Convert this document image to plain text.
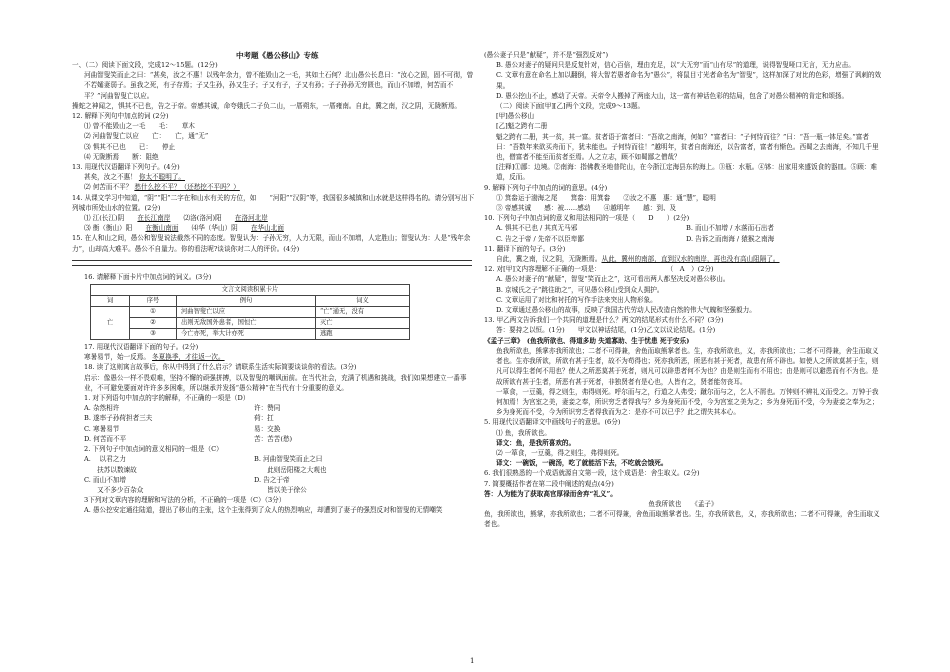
中考题《愚公移山》专练

一、（二）阅读下面文段，完成12～15题。(12分)

河曲智叟笑而止之曰：“甚矣，汝之不惠！以残年余力，曾不能毁山之一毛，其如土石何？北山愚公长息曰：“汝心之固，固不可彻，曾不若孀妻弱子。虽我之死，有子存焉；子又生孙，孙又生子；子又有子，子又有孙；子子孙孙无穷匮也，而山不加增，何苦而不平？”河曲智叟亡以应。

操蛇之神闻之，惧其不已也，告之于帝。帝感其诚，命夸娥氏二子负二山，一厝朔东，一厝雍南。自此，冀之南，汉之阴，无陇断焉。

12. 解释下列句中加点的词 (2分)

⑴ 曾不能毁山之一毛　　毛：　　草木

⑵ 河曲智叟亡以应　　亡：　　亡，通“无”

⑶ 惧其不已也　　已：　　停止

⑷ 无陇断焉　　断：阻绝

13. 用现代汉语翻译下列句子。(4分)

甚矣，汝之不惠！ 你太不聪明了。

⑵ 何苦而不平？ 愁什么挖不平？（还愁挖不平吗？）

14. 从课文学习中知道，“阴”“阳”二字在和山水有关的方位，如　　“河阳”“汉阴”等，我国很多城镇和山水就是这样得名的。请分别写出下列城市所处山水的位置。(2分)

⑴ 江(长江)阴　　在长江南岸　　⑵洛(洛河)阳　　在洛河北岸

⑶ 衡（衡山）阳　　在衡山南面　　⑷华（华山）阴　　在华山北面

15. 在人和山之间，愚公和智叟说法截然不同的态度。智叟认为：子孙无穷，人力无限，而山不加增，人定胜山；智叟认为：人是“残年余力”，山却高大难平。愚公不自量力。你的看法呢?谈谈你对二人的评价。(4分)

16. 请解释下面卡片中加点词的词义。(3分)

文言文阅读积累卡片			
词	序号	例句	词义
亡	①	河曲智叟亡以应	“亡”通无，没有
	②	出则无敌国外患者，国恒亡	灭亡
	③	今亡亦死，举大计亦死	逃跑

17. 用现代汉语翻译下面的句子。(2分)

寒暑易节，始一反焉。 冬夏换季，才往返一次。

18. 读了这则寓言故事后，你从中得到了什么启示？请联系生活实际简要谈谈你的看法。(3分)

启示：像愚公一样不畏艰难，坚持不懈的顽强拼搏，以及智叟的嘲讽面前。在当代社会，充满了机遇和挑战，我们如果想建立一番事业，不可避免要面对许许多多困难，所以继承并发扬“愚公精神”在当代有十分重要的意义。

1. 对下列语句中加点的字的解释，不正确的一项是（D）

A. 杂然相许	许：赞同

B. 遂率子孙荷担者三夫	荷：扛

C. 寒暑易节	易：交换

D. 何苦而不平	苦：苦苦(愁)

2. 下列句子中加点词的意义相同的一组是（C）

A. 　以君之力	B. 河曲智叟笑而止之曰

　　扶苏以数谏故	　　此则岳阳楼之大观也

C. 而山不加增	D. 告之于帝

　　又不多少百杂众	　　皆以美于徐公

3下列对文章内容的理解和写法的分析，不正确的一项是（C）（3分）

A. 愚公挖安定通往陆道，提出了移山的主张，这个主张得到了众人的热烈响应，却遭到了妻子的强烈反对和智叟的无情嘲笑

(愚公妻子只是“献疑”，并不是“强烈反对”)

B. 愚公对妻子的疑问只是反复针对，信心百倍，理由充足，以“大无穷”而“山有尽”的道理，说得智叟哑口无言，无力应击。

C. 文章有意在命名上加以翻倒，将大智若愚者命名为“愚公”，将鼠目寸光者命名为“智叟”，这样加深了对比的色彩，增强了讽刺的效果。

D. 愚公挖山不止，感动了天帝。天帝令人搬掉了两座大山，这一富有神话色彩的结局，包含了对愚公精神的肯定和颂扬。

（二）阅读下面[甲][乙]两个文段，完成9～13题。

[甲]愚公移山

[乙]魁之跨有二册

魁之跨有二册，其一贫，其一富。贫者语于富者曰：“吾欲之南海，何如？”富者曰：“子何恃而往？”曰：“吾一瓶一钵足矣。”富者曰：“吾数年来欲买舟而下，犹未能也。子何恃而往！”越明年，贫者自南海还，以告富者，富者有惭色。西蜀之去南海，不知几千里也，僧富者不能至而贫者至焉。人之立志，顾不如蜀鄙之僧哉？

[注释]①鄙：边境。②南海：指佛教圣地普陀山，在今浙江定海县东的海上。③瓶：水瓶。④钵：出家用来盛饭食的器皿。⑤顾：难道，反而。

9. 解释下列句子中加点的词的意思。(4分)

① 箕畚运于渤海之尾　　箕畚：用箕畚　　②汝之不惠　惠：通“慧”，聪明

③ 帝感其诚　　感：被……感动　　④越明年　　越：到、及

10. 下列句子中加点词的意义和用法相同的一项是（　　D　　）(2分)

A. 惧其不已也 / 其真无马邪	B. 而山不加增 / 水落而石出者

C. 告之于帝 / 先帝不以臣卑鄙	D. 告诉之而南海 / 猿猴之南海

11. 翻译下面的句子。(3分)

自此，冀之南，汉之阴，无陇断焉。从此，冀州的南部，直到汉水的南岸，再也没有高山阻隔了。

12. 对[甲]文内容理解不正确的一项是：　　　　　　　　　　　（　A　）(2分)

A. 愚公对妻子的“献疑”，智叟“笑而止之”，这可看出两人都坚决反对愚公移山。

B. 京城氏之子“跳往助之”，可见愚公移山受到众人拥护。

C. 文章运用了对比和衬托的写作手法来突出人物形象。

D. 文章通过愚公移山的故事，反映了我国古代劳动人民改造自然的伟大气魄和坚强毅力。

13. 甲乙两文告诉我们一个共同的道理是什么？两文的结尾形式有什么不同？(3分)

答：要持之以恒。(1分)　　甲文以神话结尾，(1分)乙文以议论结尾。(1分)

《孟子三章》　(鱼我所欲也、得道多助 失道寡助、生于忧患 死于安乐)

鱼我所欲也，熊掌亦我所欲也；二者不可得兼，舍鱼而取熊掌者也。生，亦我所欲也，义，亦我所欲也；二者不可得兼，舍生而取义者也。生亦我所欲，所欲有甚于生者，故不为苟得也；死亦我所恶，所恶有甚于死者，故患有所不辟也。如使人之所欲莫甚于生，则凡可以得生者何不用也？使人之所恶莫甚于死者，则凡可以辟患者何不为也？由是则生而有不用也；由是则可以避患而有不为也。是故所欲有甚于生者，所恶有甚于死者，非独贤者有是心也，人皆有之，贤者能勿丧耳。

一箪食，一豆羹，得之则生，弗得则死。呼尔而与之，行道之人弗受；蹴尔而与之，乞人不屑也。万钟则不辨礼义而受之。万钟于我何加焉！为宫室之美，妻妾之奉，所识穷乏者得我与？乡为身死而不受，今为宫室之美为之；乡为身死而不受，今为妻妾之奉为之；乡为身死而不受，今为所识穷乏者得我而为之：是亦不可以已乎？此之谓失其本心。

5. 用现代汉语翻译文中画线句子的意思。(6分)

⑴ 鱼，我所欲也。

译文：鱼，是我所喜欢的。

⑵ 一箪食，一豆羹，得之则生，弗得则死。

译文：一碗饭，一碗汤，吃了就能活下去，不吃就会饿死。

6. 我们很熟悉的一个成语就源自文第一段，这个成语是：舍生取义。(2分)

7. 简要概括作者在第二段中阐述的观点(4分)

答：人为能为了获取高官厚禄而舍弃“礼义”。

鱼我所欲也　　《孟子》

鱼，我所欲也，熊掌，亦我所欲也；二者不可得兼，舍鱼而取熊掌者也。生，亦我所欲也，义，亦我所欲也；二者不可得兼，舍生而取义者也。

1
